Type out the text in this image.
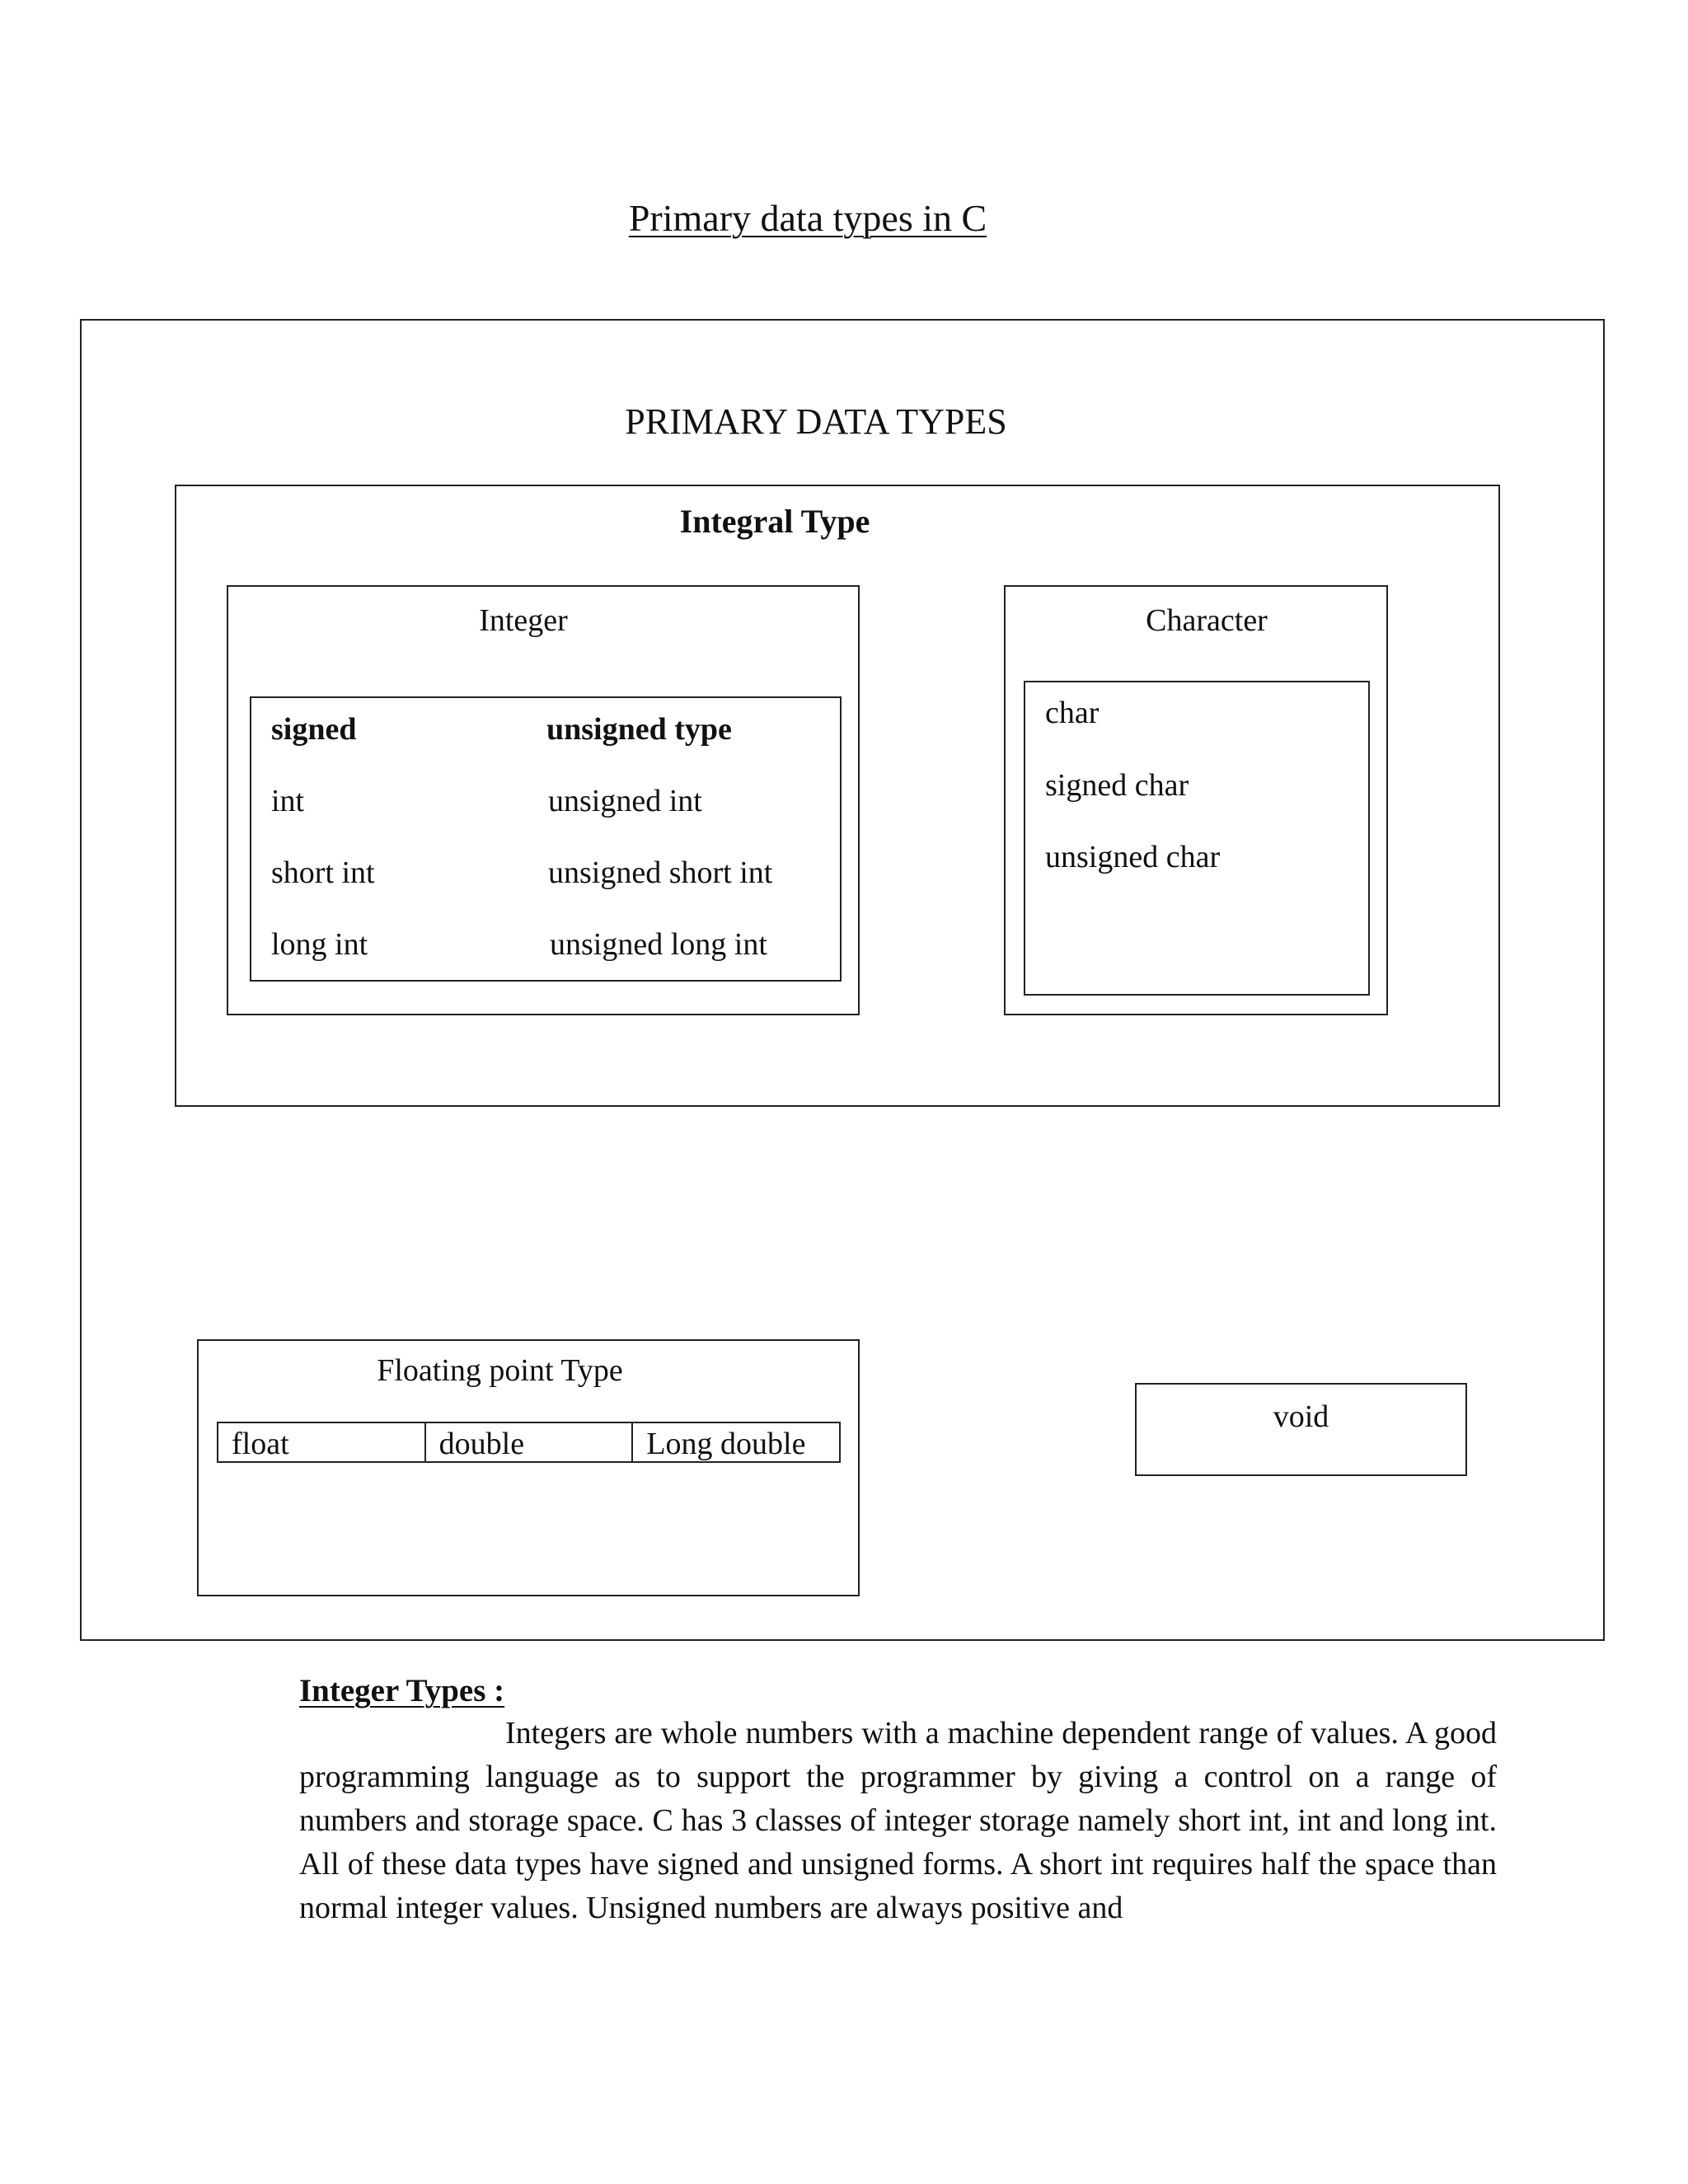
Primary data types in C
PRIMARY DATA TYPES
Integral Type
Integer
signed	unsigned type
int	unsigned int
short int	unsigned short int
long int	unsigned long int
Character
char
signed char
unsigned char
Floating point Type
float	double	Long double
void
Integer Types :
Integers are whole numbers with a machine dependent range of values. A good programming language as to support the programmer by giving a control on a range of numbers and storage space. C has 3 classes of integer storage namely short int, int and long int. All of these data types have signed and unsigned forms. A short int requires half the space than normal integer values. Unsigned numbers are always positive and
